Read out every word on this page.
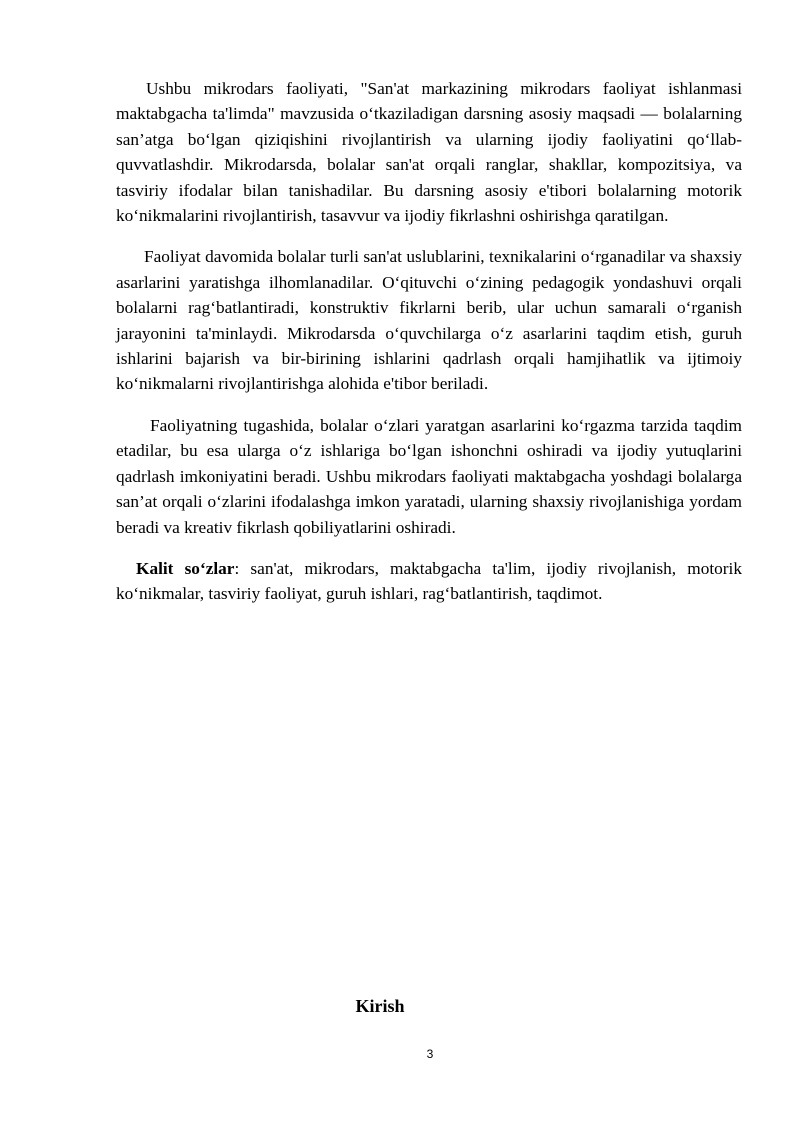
Ushbu mikrodars faoliyati, "San'at markazining mikrodars faoliyat ishlanmasi maktabgacha ta'limda" mavzusida o‘tkaziladigan darsning asosiy maqsadi — bolalarning san’atga bo‘lgan qiziqishini rivojlantirish va ularning ijodiy faoliyatini qo‘llab-quvvatlashdir. Mikrodarsda, bolalar san'at orqali ranglar, shakllar, kompozitsiya, va tasviriy ifodalar bilan tanishadilar. Bu darsning asosiy e'tibori bolalarning motorik ko‘nikmalarini rivojlantirish, tasavvur va ijodiy fikrlashni oshirishga qaratilgan.

Faoliyat davomida bolalar turli san'at uslublarini, texnikalarini o‘rganadilar va shaxsiy asarlarini yaratishga ilhomlanadilar. O‘qituvchi o‘zining pedagogik yondashuvi orqali bolalarni rag‘batlantiradi, konstruktiv fikrlarni berib, ular uchun samarali o‘rganish jarayonini ta'minlaydi. Mikrodarsda o‘quvchilarga o‘z asarlarini taqdim etish, guruh ishlarini bajarish va bir-birining ishlarini qadrlash orqali hamjihatlik va ijtimoiy ko‘nikmalarni rivojlantirishga alohida e'tibor beriladi.

Faoliyatning tugashida, bolalar o‘zlari yaratgan asarlarini ko‘rgazma tarzida taqdim etadilar, bu esa ularga o‘z ishlariga bo‘lgan ishonchni oshiradi va ijodiy yutuqlarini qadrlash imkoniyatini beradi. Ushbu mikrodars faoliyati maktabgacha yoshdagi bolalarga san’at orqali o‘zlarini ifodalashga imkon yaratadi, ularning shaxsiy rivojlanishiga yordam beradi va kreativ fikrlash qobiliyatlarini oshiradi.

Kalit so‘zlar: san'at, mikrodars, maktabgacha ta'lim, ijodiy rivojlanish, motorik ko‘nikmalar, tasviriy faoliyat, guruh ishlari, rag‘batlantirish, taqdimot.

Kirish
3
